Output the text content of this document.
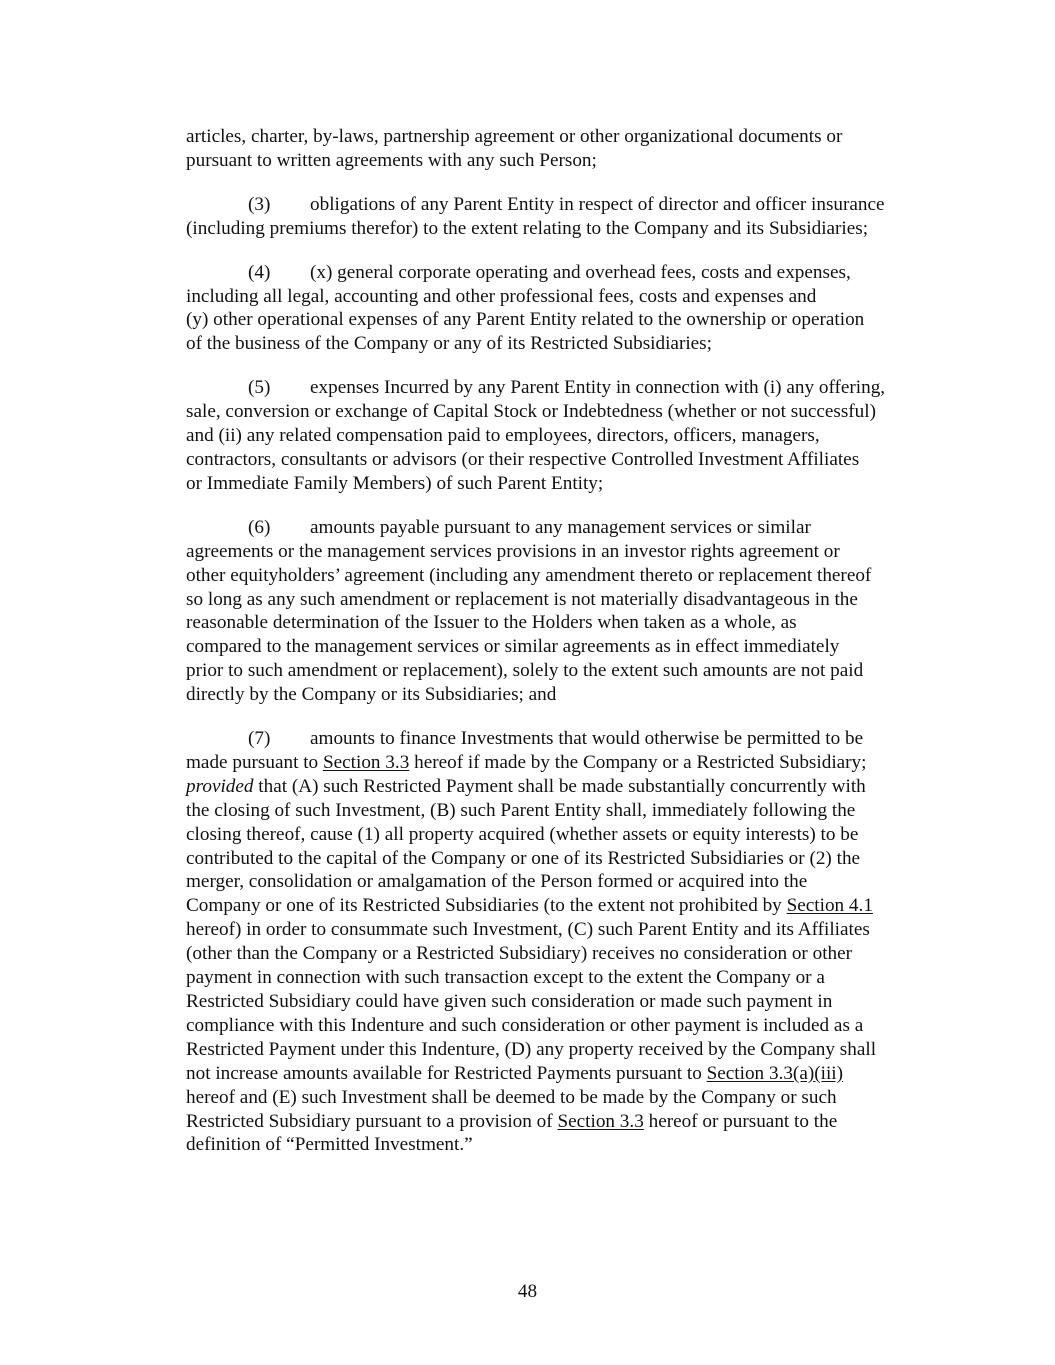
articles, charter, by-laws, partnership agreement or other organizational documents or
pursuant to written agreements with any such Person;

(3) obligations of any Parent Entity in respect of director and officer insurance
(including premiums therefor) to the extent relating to the Company and its Subsidiaries;

(4) (x) general corporate operating and overhead fees, costs and expenses,
including all legal, accounting and other professional fees, costs and expenses and
(y) other operational expenses of any Parent Entity related to the ownership or operation
of the business of the Company or any of its Restricted Subsidiaries;

(5) expenses Incurred by any Parent Entity in connection with (i) any offering,
sale, conversion or exchange of Capital Stock or Indebtedness (whether or not successful)
and (ii) any related compensation paid to employees, directors, officers, managers,
contractors, consultants or advisors (or their respective Controlled Investment Affiliates
or Immediate Family Members) of such Parent Entity;

(6) amounts payable pursuant to any management services or similar
agreements or the management services provisions in an investor rights agreement or
other equityholders’ agreement (including any amendment thereto or replacement thereof
so long as any such amendment or replacement is not materially disadvantageous in the
reasonable determination of the Issuer to the Holders when taken as a whole, as
compared to the management services or similar agreements as in effect immediately
prior to such amendment or replacement), solely to the extent such amounts are not paid
directly by the Company or its Subsidiaries; and

(7) amounts to finance Investments that would otherwise be permitted to be
made pursuant to Section 3.3 hereof if made by the Company or a Restricted Subsidiary;
provided that (A) such Restricted Payment shall be made substantially concurrently with
the closing of such Investment, (B) such Parent Entity shall, immediately following the
closing thereof, cause (1) all property acquired (whether assets or equity interests) to be
contributed to the capital of the Company or one of its Restricted Subsidiaries or (2) the
merger, consolidation or amalgamation of the Person formed or acquired into the
Company or one of its Restricted Subsidiaries (to the extent not prohibited by Section 4.1
hereof) in order to consummate such Investment, (C) such Parent Entity and its Affiliates
(other than the Company or a Restricted Subsidiary) receives no consideration or other
payment in connection with such transaction except to the extent the Company or a
Restricted Subsidiary could have given such consideration or made such payment in
compliance with this Indenture and such consideration or other payment is included as a
Restricted Payment under this Indenture, (D) any property received by the Company shall
not increase amounts available for Restricted Payments pursuant to Section 3.3(a)(iii)
hereof and (E) such Investment shall be deemed to be made by the Company or such
Restricted Subsidiary pursuant to a provision of Section 3.3 hereof or pursuant to the
definition of “Permitted Investment.”

48
